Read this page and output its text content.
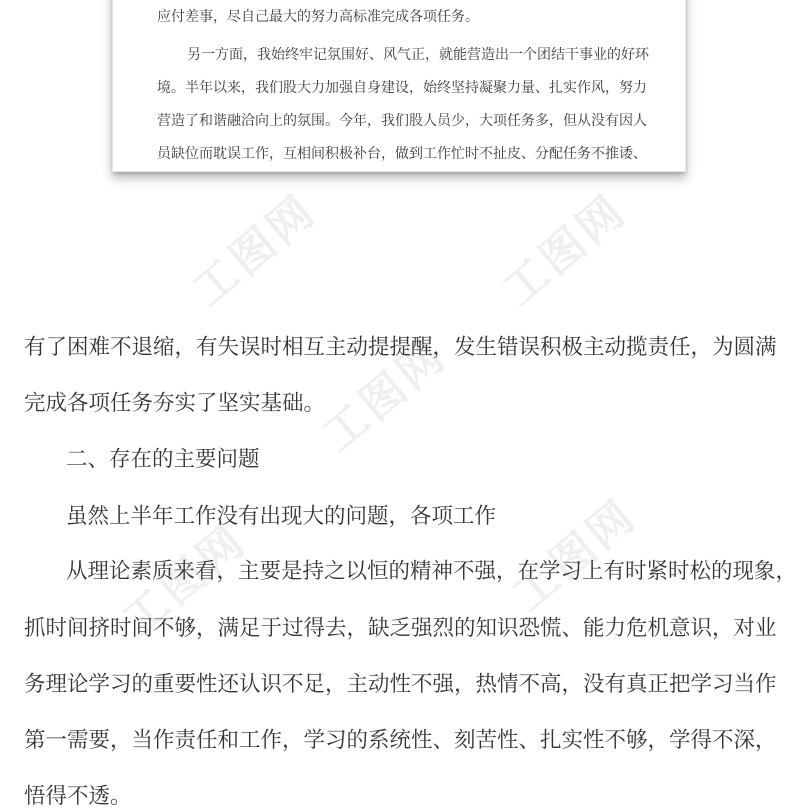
应付差事，尽自己最大的努力高标准完成各项任务。
另一方面，我始终牢记氛围好、风气正，就能营造出一个团结干事业的好环
境。半年以来，我们股大力加强自身建设，始终坚持凝聚力量、扎实作风，努力
营造了和谐融洽向上的氛围。今年，我们股人员少，大项任务多，但从没有因人
员缺位而耽误工作，互相间积极补台，做到工作忙时不扯皮、分配任务不推诿、
工图网	工图网
工图网
工图网
工图网
有了困难不退缩，有失误时相互主动提提醒，发生错误积极主动揽责任，为圆满
完成各项任务夯实了坚实基础。
二、存在的主要问题
虽然上半年工作没有出现大的问题，各项工作
从理论素质来看，主要是持之以恒的精神不强，在学习上有时紧时松的现象，
抓时间挤时间不够，满足于过得去，缺乏强烈的知识恐慌、能力危机意识，对业
务理论学习的重要性还认识不足，主动性不强，热情不高，没有真正把学习当作
第一需要，当作责任和工作，学习的系统性、刻苦性、扎实性不够，学得不深，
悟得不透。
